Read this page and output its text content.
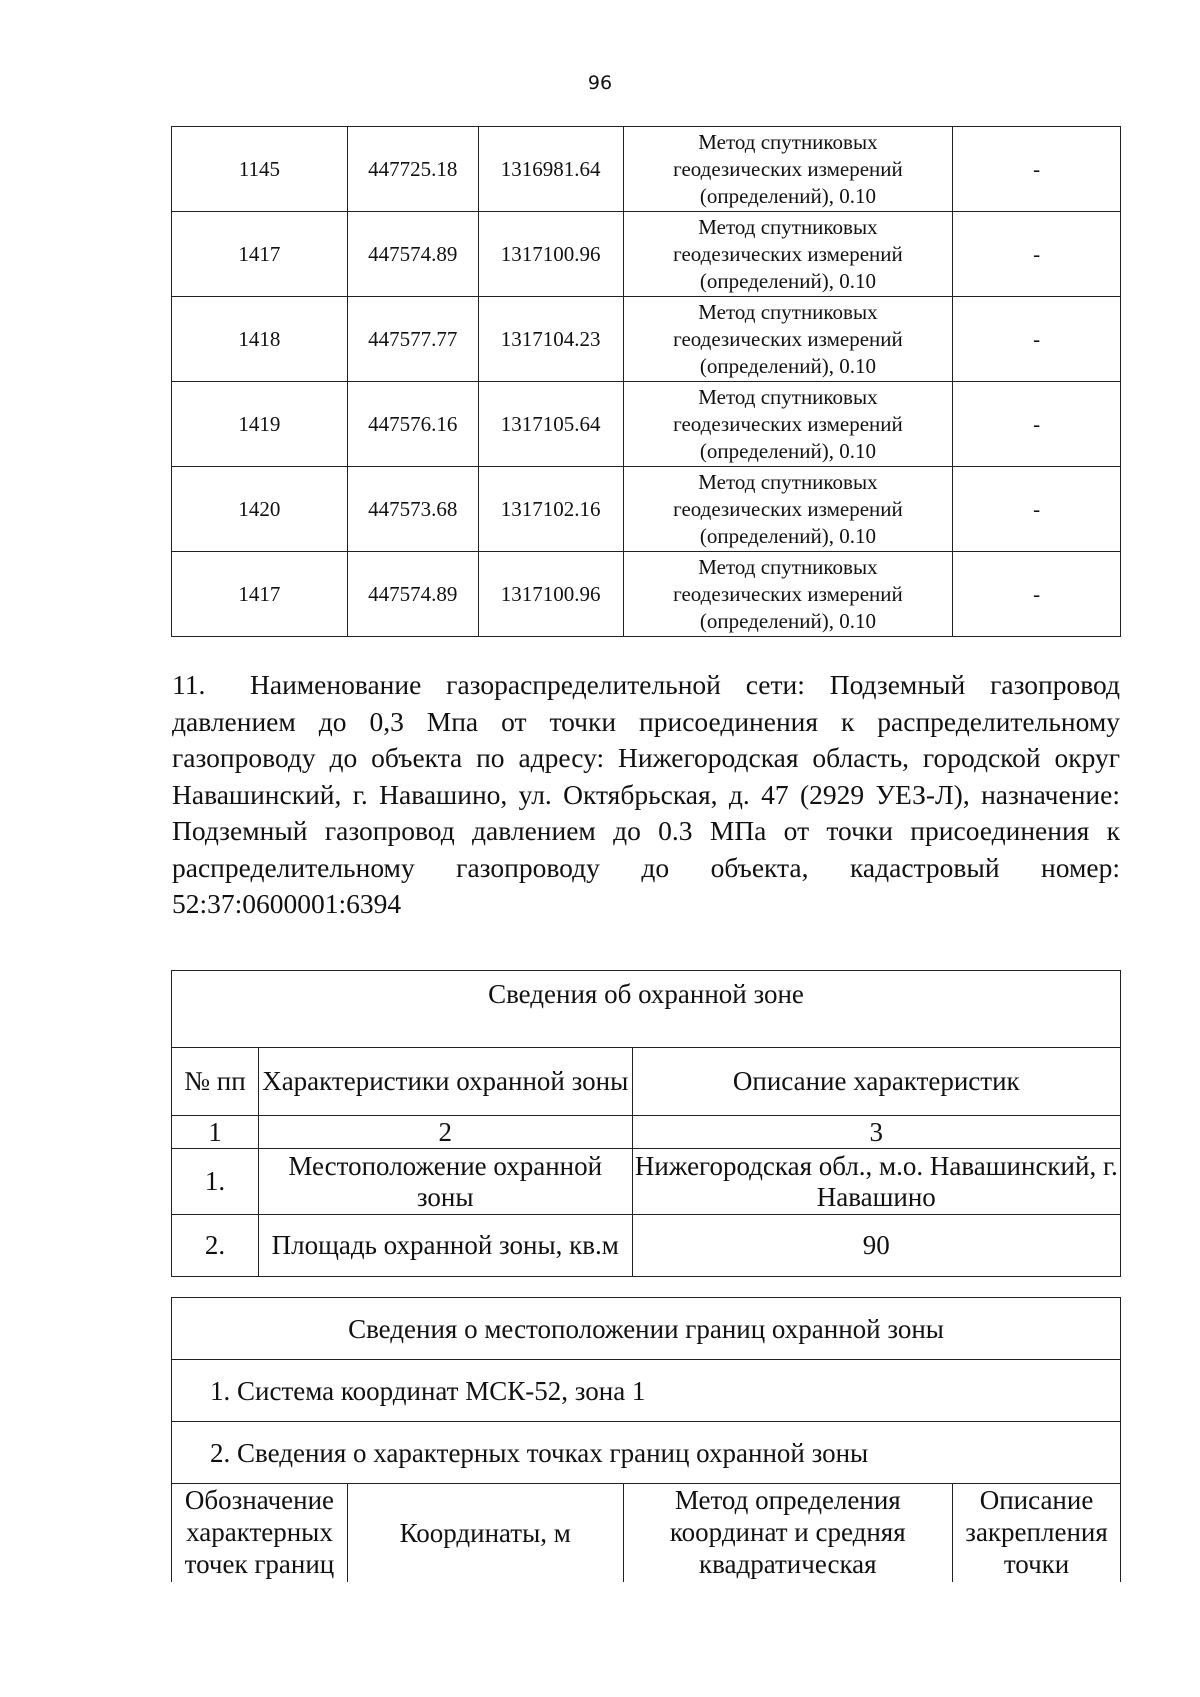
96
1145	447725.18	1316981.64	Метод спутниковых
геодезических измерений
(определений), 0.10	-
1417	447574.89	1317100.96	Метод спутниковых
геодезических измерений
(определений), 0.10	-
1418	447577.77	1317104.23	Метод спутниковых
геодезических измерений
(определений), 0.10	-
1419	447576.16	1317105.64	Метод спутниковых
геодезических измерений
(определений), 0.10	-
1420	447573.68	1317102.16	Метод спутниковых
геодезических измерений
(определений), 0.10	-
1417	447574.89	1317100.96	Метод спутниковых
геодезических измерений
(определений), 0.10	-
11. Наименование газораспределительной сети: Подземный газопровод давлением до 0,3 Мпа от точки присоединения к распределительному газопроводу до объекта по адресу: Нижегородская область, городской округ Навашинский, г. Навашино, ул. Октябрьская, д. 47 (2929 УЕЗ-Л), назначение: Подземный газопровод давлением до 0.3 МПа от точки присоединения к распределительному газопроводу до объекта, кадастровый номер: 52:37:0600001:6394
Сведения об охранной зоне		
№ пп	Характеристики охранной зоны	Описание характеристик
1	2	3
1.	Местоположение охранной зоны	Нижегородская обл., м.о. Навашинский, г. Навашино
2.	Площадь охранной зоны, кв.м	90
Сведения о местоположении границ охранной зоны
1. Система координат МСК-52, зона 1
2. Сведения о характерных точках границ охранной зоны
Обозначение характерных точек границ	Координаты, м	Метод определения координат и средняя квадратическая	Описание закрепления точки
